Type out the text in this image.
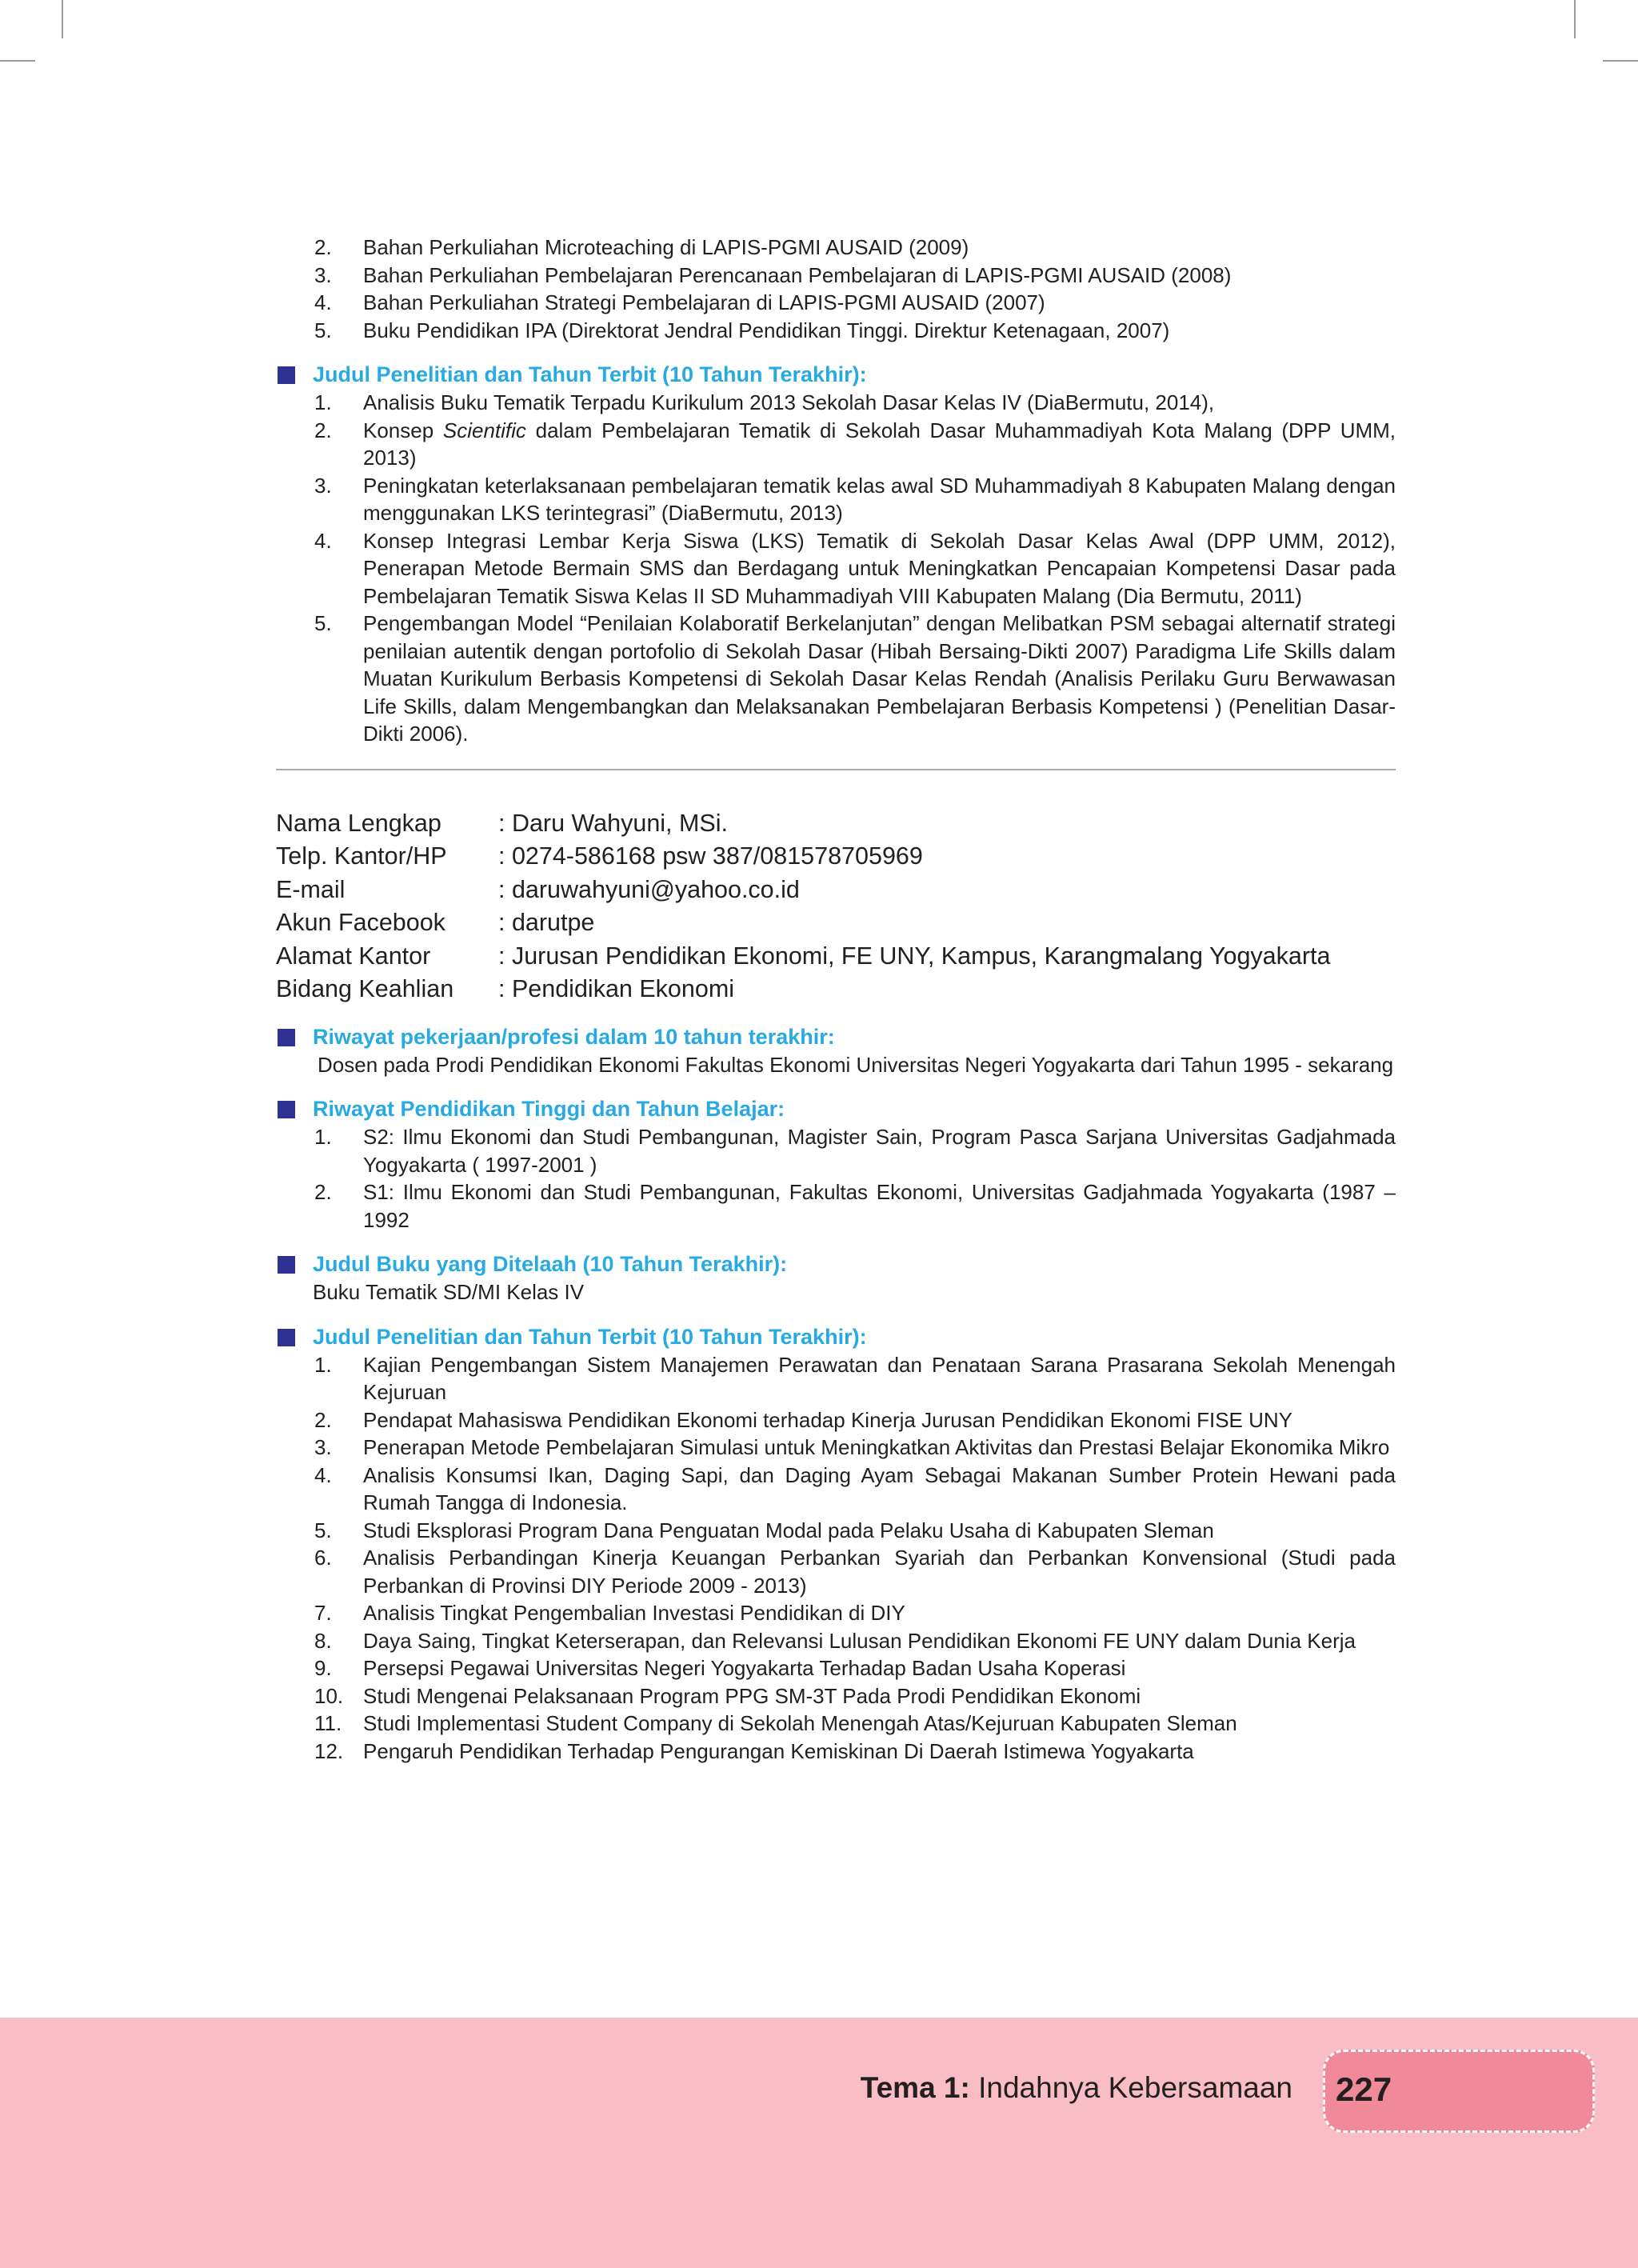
2. Bahan Perkuliahan Microteaching di LAPIS-PGMI AUSAID (2009)
3. Bahan Perkuliahan Pembelajaran Perencanaan Pembelajaran di LAPIS-PGMI AUSAID (2008)
4. Bahan Perkuliahan Strategi Pembelajaran di LAPIS-PGMI AUSAID (2007)
5. Buku Pendidikan IPA (Direktorat Jendral Pendidikan Tinggi. Direktur Ketenagaan, 2007)
Judul Penelitian dan Tahun Terbit (10 Tahun Terakhir):
1. Analisis Buku Tematik Terpadu Kurikulum 2013 Sekolah Dasar Kelas IV (DiaBermutu, 2014),
2. Konsep Scientific dalam Pembelajaran Tematik di Sekolah Dasar Muhammadiyah Kota Malang (DPP UMM, 2013)
3. Peningkatan keterlaksanaan pembelajaran tematik kelas awal SD Muhammadiyah 8 Kabupaten Malang dengan menggunakan LKS terintegrasi” (DiaBermutu, 2013)
4. Konsep Integrasi Lembar Kerja Siswa (LKS) Tematik di Sekolah Dasar Kelas Awal (DPP UMM, 2012), Penerapan Metode Bermain SMS dan Berdagang untuk Meningkatkan Pencapaian Kompetensi Dasar pada Pembelajaran Tematik Siswa Kelas II SD Muhammadiyah VIII Kabupaten Malang (Dia Bermutu, 2011)
5. Pengembangan Model “Penilaian Kolaboratif Berkelanjutan” dengan Melibatkan PSM sebagai alternatif strategi penilaian autentik dengan portofolio di Sekolah Dasar (Hibah Bersaing-Dikti 2007) Paradigma Life Skills dalam Muatan Kurikulum Berbasis Kompetensi di Sekolah Dasar Kelas Rendah (Analisis Perilaku Guru Berwawasan Life Skills, dalam Mengembangkan dan Melaksanakan Pembelajaran Berbasis Kompetensi ) (Penelitian Dasar-Dikti 2006).
Nama Lengkap	: Daru Wahyuni, MSi.
Telp. Kantor/HP	: 0274-586168 psw 387/081578705969
E-mail	: daruwahyuni@yahoo.co.id
Akun Facebook	: darutpe
Alamat Kantor	: Jurusan Pendidikan Ekonomi, FE UNY, Kampus, Karangmalang Yogyakarta
Bidang Keahlian	: Pendidikan Ekonomi
Riwayat pekerjaan/profesi dalam 10 tahun terakhir:

Dosen pada Prodi Pendidikan Ekonomi Fakultas Ekonomi Universitas Negeri Yogyakarta dari Tahun 1995 - sekarang

Riwayat Pendidikan Tinggi dan Tahun Belajar:
1. S2: Ilmu Ekonomi dan Studi Pembangunan, Magister Sain, Program Pasca Sarjana Universitas Gadjahmada Yogyakarta ( 1997-2001 )
2. S1: Ilmu Ekonomi dan Studi Pembangunan, Fakultas Ekonomi, Universitas Gadjahmada Yogyakarta (1987 – 1992
Judul Buku yang Ditelaah (10 Tahun Terakhir):

Buku Tematik SD/MI Kelas IV

Judul Penelitian dan Tahun Terbit (10 Tahun Terakhir):
1. Kajian Pengembangan Sistem Manajemen Perawatan dan Penataan Sarana Prasarana Sekolah Menengah Kejuruan
2. Pendapat Mahasiswa Pendidikan Ekonomi terhadap Kinerja Jurusan Pendidikan Ekonomi FISE UNY
3. Penerapan Metode Pembelajaran Simulasi untuk Meningkatkan Aktivitas dan Prestasi Belajar Ekonomika Mikro
4. Analisis Konsumsi Ikan, Daging Sapi, dan Daging Ayam Sebagai Makanan Sumber Protein Hewani pada Rumah Tangga di Indonesia.
5. Studi Eksplorasi Program Dana Penguatan Modal pada Pelaku Usaha di Kabupaten Sleman
6. Analisis Perbandingan Kinerja Keuangan Perbankan Syariah dan Perbankan Konvensional (Studi pada Perbankan di Provinsi DIY Periode 2009 - 2013)
7. Analisis Tingkat Pengembalian Investasi Pendidikan di DIY
8. Daya Saing, Tingkat Keterserapan, dan Relevansi Lulusan Pendidikan Ekonomi FE UNY dalam Dunia Kerja
9. Persepsi Pegawai Universitas Negeri Yogyakarta Terhadap Badan Usaha Koperasi
10. Studi Mengenai Pelaksanaan Program PPG SM-3T Pada Prodi Pendidikan Ekonomi
11. Studi Implementasi Student Company di Sekolah Menengah Atas/Kejuruan Kabupaten Sleman
12. Pengaruh Pendidikan Terhadap Pengurangan Kemiskinan Di Daerah Istimewa Yogyakarta
Tema 1: Indahnya Kebersamaan 227
